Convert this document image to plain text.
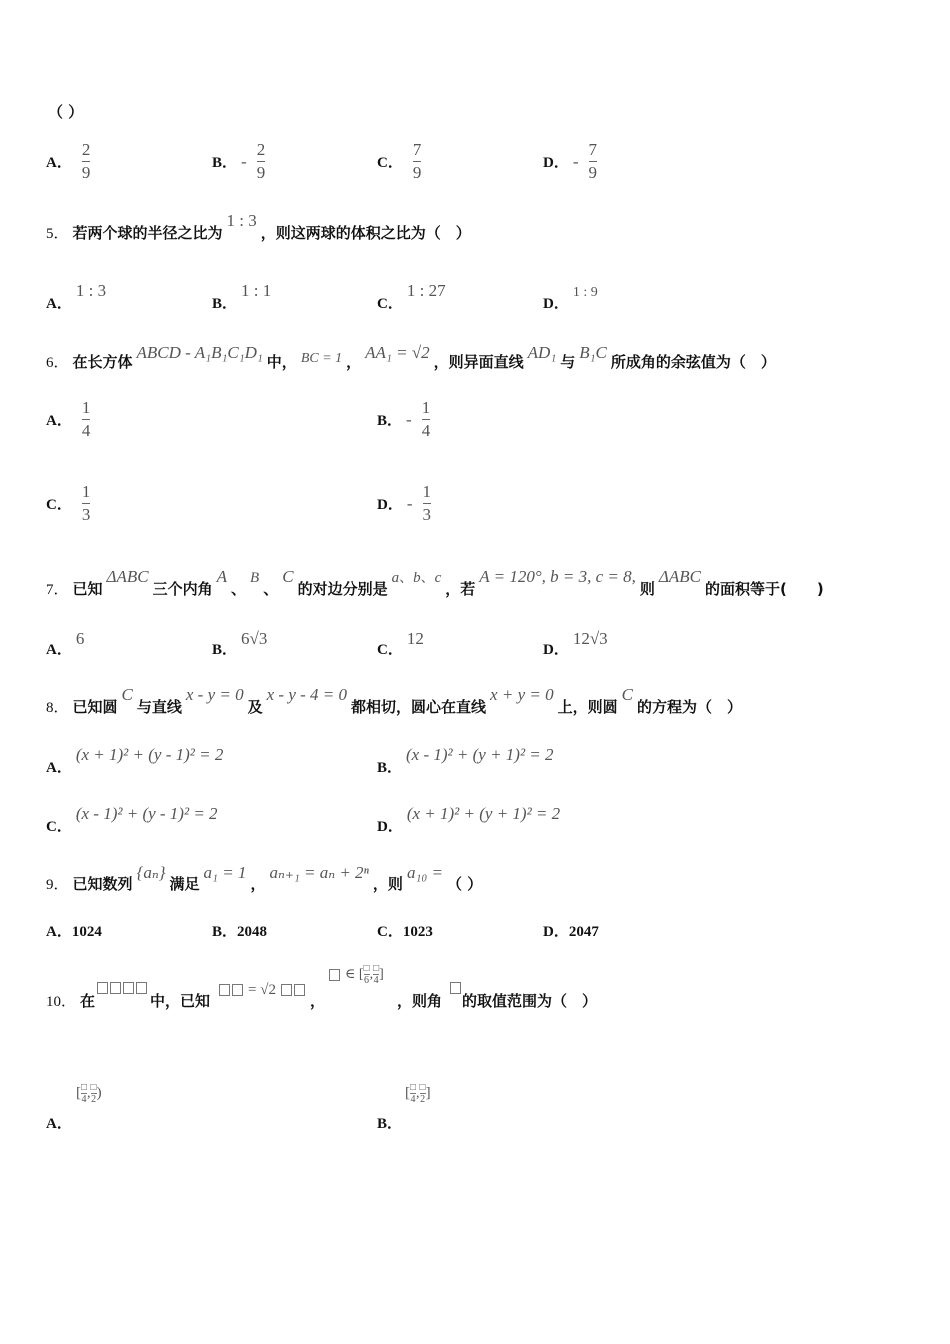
（ ）
A． $\frac{2}{9}$	B． - $\frac{2}{9}$	C． $\frac{7}{9}$	D． - $\frac{7}{9}$
5． 若两个球的半径之比为 1 : 3 ，则这两球的体积之比为（　）
A． 1 : 3
B． 1 : 1
C． 1 : 27
D． 1 : 9
6． 在长方体 ABCD - A₁B₁C₁D₁ 中， BC = 1 ， AA₁ = √2 ，则异面直线 AD₁ 与 B₁C 所成角的余弦值为（　）
A． $\frac{1}{4}$	B． - $\frac{1}{4}$
C． $\frac{1}{3}$	D． - $\frac{1}{3}$
7． 已知 ΔABC 三个内角 A 、 B 、 C 的对边分别是 a、b、c ，若 A = 120°, b = 3, c = 8, 则 ΔABC 的面积等于(　　)
A． 6
B． 6√3
C． 12
D． 12√3
8． 已知圆 C 与直线 x - y = 0 及 x - y - 4 = 0 都相切，圆心在直线 x + y = 0 上，则圆 C 的方程为（　）
A． (x + 1)² + (y - 1)² = 2
B． (x - 1)² + (y + 1)² = 2
C． (x - 1)² + (y - 1)² = 2
D． (x + 1)² + (y + 1)² = 2
9． 已知数列 {aₙ} 满足 a₁ = 1 ， aₙ₊₁ = aₙ + 2ⁿ ，则 a₁₀ = （ ）
A．1024	B．2048	C．1023	D．2047
10． 在	中，已知
= √2
，
∈ [ $\frac{□}{6}$ , $\frac{□}{4}$ ]
，则角 的取值范围为（　）
[ $\frac{□}{4}$ , $\frac{□}{2}$ )
A．
[ $\frac{□}{4}$ , $\frac{□}{2}$ ]
B．
